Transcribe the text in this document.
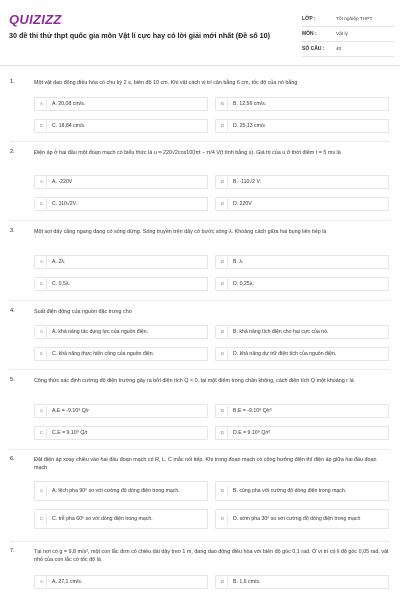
QUIZIZZ
30 đề thi thử thpt quốc gia môn Vật lí cực hay có lời giải mới nhất (Đề số 10)
LỚP :	Tốt nghiệp THPT
MÔN :	Vật lý
SỐ CÂU :	40
1.	Một vật dao động điều hòa có chu kỳ 2 s, biên độ 10 cm. Khi vật cách vị trí cân bằng 6 cm, tốc độ của nó bằng
A	A. 20,08 cm/s.	B	B. 12,56 cm/s.
C	C. 18,84 cm/s.	D	D. 25,13 cm/s
2.	Điện áp ở hai đầu một đoạn mạch có biểu thức là u = 220√2cos100πt − π/4 V(t tính bằng s). Giá trị của u ở thời điểm t = 5 ms là
A	A. -220V	B	B. -110√2 V.
C	C. 110√2V.	D	D. 220V
3.	Một sợi dây căng ngang đang có sóng dừng. Sóng truyền trên dây có bước sóng λ. Khoảng cách giữa hai bụng liên tiếp là
A	A. 2λ.	B	B. λ.
C	C. 0,5λ.	D	D. 0,25λ.
4.	Suất điện động của nguồn đặc trưng cho
A	A. khả năng tác dụng lực của nguồn điện.	B	B. khả năng tích điện cho hai cực của nó.
C	C. khả năng thực hiện công của nguồn điện.	D	D. khả năng dự trữ điện tích của nguồn điện.
5.	Công thức xác định cường độ điện trường gây ra bởi điện tích Q < 0, tại một điểm trong chân không, cách điện tích Q một khoảng r là
A	A.E = -9.10⁹ Q/r	B	B.E = -9.10⁹ Q/r²
C	C.E = 9.10⁹ Q/r	D	D.E = 9.10⁹ Q/r²
6.	Đặt điện áp xoay chiều vào hai đầu đoạn mạch có R, L, C mắc nối tiếp. Khi trong đoạn mạch có cộng hưởng điện thì điện áp giữa hai đầu đoạn mạch
A	A. lệch pha 90⁰ so với cường độ dòng điện trong mạch.	B	B. cùng pha với cường độ dòng điện trong mạch.
C	C. trễ pha 60⁰ so với dòng điện trong mạch.	D	D. sớm pha 30⁰ so với cường độ dòng điện trong mạch
7.	Tại nơi có g = 9,8 m/s², một con lắc đơn có chiều dài dây treo 1 m, đang dao động điều hòa với biên độ góc 0,1 rad. Ở vị trí có li độ góc 0,05 rad, vật nhỏ của con lắc có tốc độ là
A	A. 27,1 cm/s.	B	B. 1,6 cm/s.
